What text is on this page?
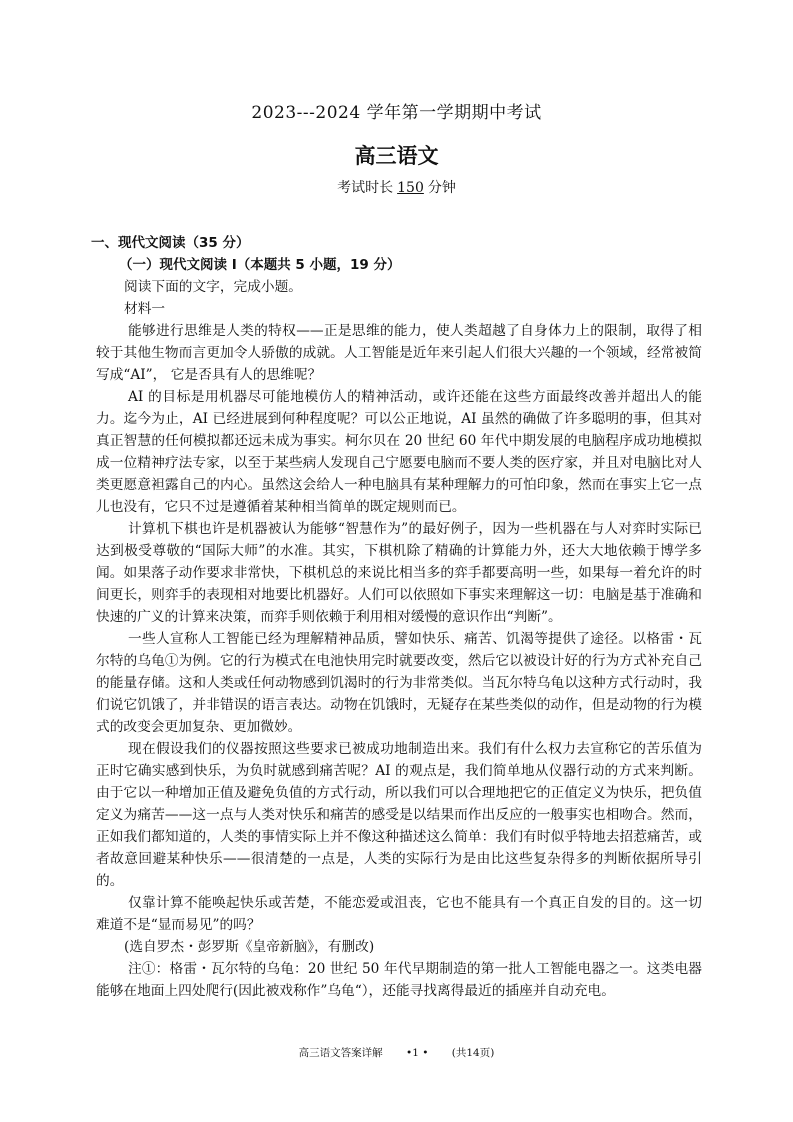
2023---2024 学年第一学期期中考试
高三语文
考试时长 150 分钟
一、现代文阅读（35 分）
（一）现代文阅读 I（本题共 5 小题，19 分）

阅读下面的文字，完成小题。

材料一

能够进行思维是人类的特权——正是思维的能力，使人类超越了自身体力上的限制，取得了相较于其他生物而言更加令人骄傲的成就。人工智能是近年来引起人们很大兴趣的一个领域，经常被简写成“AI”， 它是否具有人的思维呢？

AI 的目标是用机器尽可能地模仿人的精神活动，或许还能在这些方面最终改善并超出人的能力。迄今为止，AI 已经进展到何种程度呢？可以公正地说，AI 虽然的确做了许多聪明的事，但其对真正智慧的任何模拟都还远未成为事实。柯尔贝在 20 世纪 60 年代中期发展的电脑程序成功地模拟成一位精神疗法专家，以至于某些病人发现自己宁愿要电脑而不要人类的医疗家，并且对电脑比对人类更愿意袒露自己的内心。虽然这会给人一种电脑具有某种理解力的可怕印象，然而在事实上它一点儿也没有，它只不过是遵循着某种相当简单的既定规则而已。

计算机下棋也许是机器被认为能够“智慧作为”的最好例子，因为一些机器在与人对弈时实际已达到极受尊敬的“国际大师”的水准。其实，下棋机除了精确的计算能力外，还大大地依赖于博学多闻。如果落子动作要求非常快，下棋机总的来说比相当多的弈手都要高明一些，如果每一着允许的时间更长，则弈手的表现相对地要比机器好。人们可以依照如下事实来理解这一切：电脑是基于准确和快速的广义的计算来决策，而弈手则依赖于利用相对缓慢的意识作出“判断”。

一些人宣称人工智能已经为理解精神品质，譬如快乐、痛苦、饥渴等提供了途径。以格雷・瓦尔特的乌龟①为例。它的行为模式在电池快用完时就要改变，然后它以被设计好的行为方式补充自己的能量存储。这和人类或任何动物感到饥渴时的行为非常类似。当瓦尔特乌龟以这种方式行动时，我们说它饥饿了，并非错误的语言表达。动物在饥饿时，无疑存在某些类似的动作，但是动物的行为模式的改变会更加复杂、更加微妙。

现在假设我们的仪器按照这些要求已被成功地制造出来。我们有什么权力去宣称它的苦乐值为正时它确实感到快乐，为负时就感到痛苦呢？AI 的观点是，我们简单地从仪器行动的方式来判断。由于它以一种增加正值及避免负值的方式行动，所以我们可以合理地把它的正值定义为快乐，把负值定义为痛苦——这一点与人类对快乐和痛苦的感受是以结果而作出反应的一般事实也相吻合。然而，正如我们都知道的，人类的事情实际上并不像这种描述这么简单：我们有时似乎特地去招惹痛苦，或者故意回避某种快乐——很清楚的一点是，人类的实际行为是由比这些复杂得多的判断依据所导引的。

仅靠计算不能唤起快乐或苦楚，不能恋爱或沮丧，它也不能具有一个真正自发的目的。这一切难道不是“显而易见”的吗？

(选自罗杰・彭罗斯《皇帝新脑》，有删改)

注①：格雷・瓦尔特的乌龟：20 世纪 50 年代早期制造的第一批人工智能电器之一。这类电器能够在地面上四处爬行(因此被戏称作”乌龟“），还能寻找离得最近的插座并自动充电。

高三语文答案详解 •1 • (共14页)
